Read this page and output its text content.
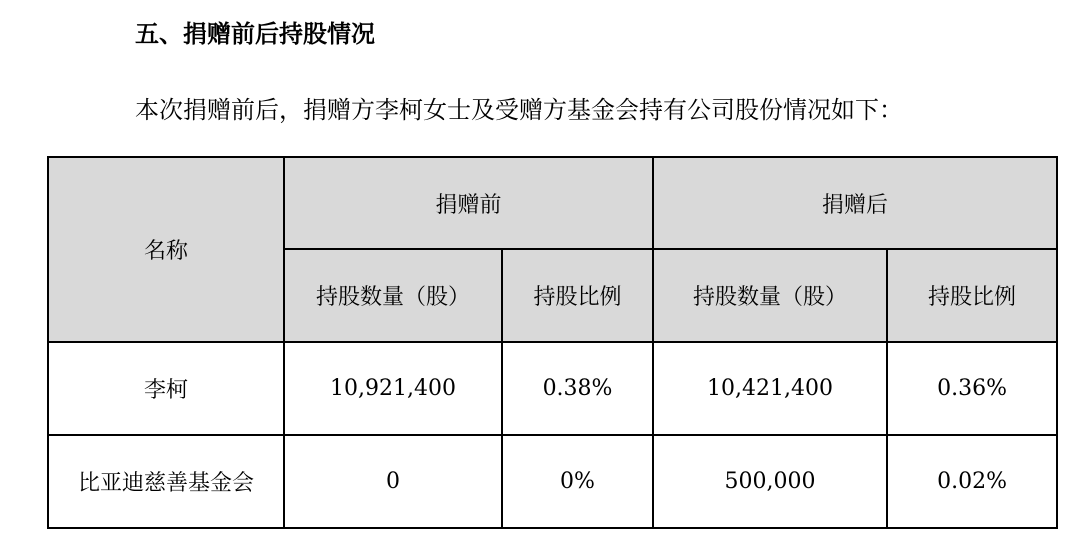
五、捐赠前后持股情况
本次捐赠前后，捐赠方李柯女士及受赠方基金会持有公司股份情况如下：
名称	捐赠前		捐赠后	
	持股数量（股）	持股比例	持股数量（股）	持股比例
李柯	10,921,400	0.38%	10,421,400	0.36%
比亚迪慈善基金会	0	0%	500,000	0.02%
